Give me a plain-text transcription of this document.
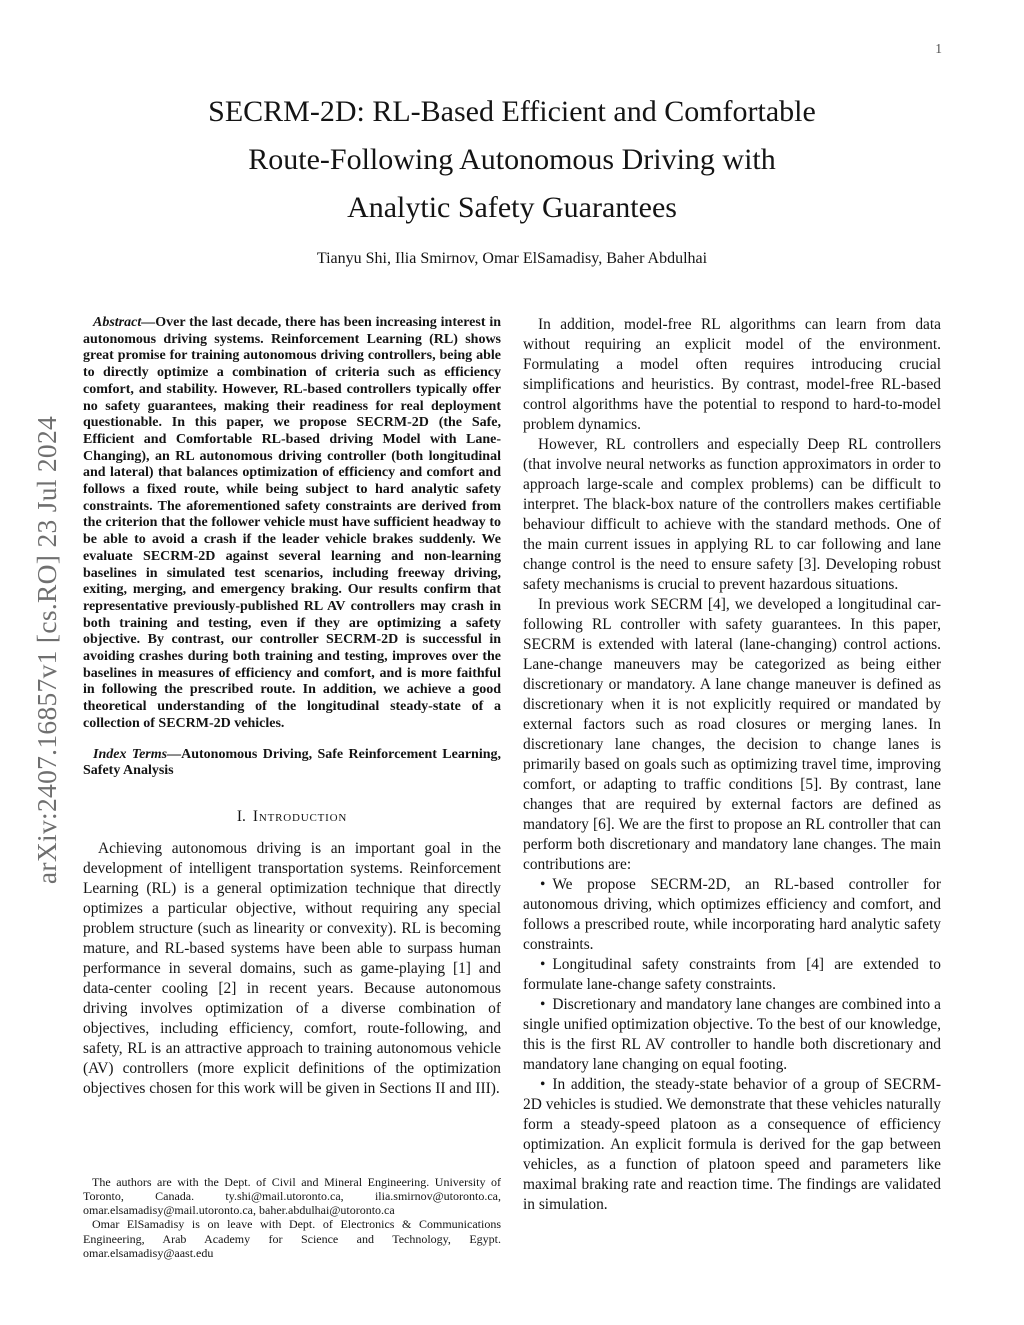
arXiv:2407.16857v1 [cs.RO] 23 Jul 2024
1
SECRM-2D: RL-Based Efficient and Comfortable
Route-Following Autonomous Driving with
Analytic Safety Guarantees
Tianyu Shi, Ilia Smirnov, Omar ElSamadisy, Baher Abdulhai

Abstract—Over the last decade, there has been increasing interest in autonomous driving systems. Reinforcement Learning (RL) shows great promise for training autonomous driving controllers, being able to directly optimize a combination of criteria such as efficiency comfort, and stability. However, RL-based controllers typically offer no safety guarantees, making their readiness for real deployment questionable. In this paper, we propose SECRM-2D (the Safe, Efficient and Comfortable RL-based driving Model with Lane-Changing), an RL autonomous driving controller (both longitudinal and lateral) that balances optimization of efficiency and comfort and follows a fixed route, while being subject to hard analytic safety constraints. The aforementioned safety constraints are derived from the criterion that the follower vehicle must have sufficient headway to be able to avoid a crash if the leader vehicle brakes suddenly. We evaluate SECRM-2D against several learning and non-learning baselines in simulated test scenarios, including freeway driving, exiting, merging, and emergency braking. Our results confirm that representative previously-published RL AV controllers may crash in both training and testing, even if they are optimizing a safety objective. By contrast, our controller SECRM-2D is successful in avoiding crashes during both training and testing, improves over the baselines in measures of efficiency and comfort, and is more faithful in following the prescribed route. In addition, we achieve a good theoretical understanding of the longitudinal steady-state of a collection of SECRM-2D vehicles.

Index Terms—Autonomous Driving, Safe Reinforcement Learning, Safety Analysis

I. Introduction

Achieving autonomous driving is an important goal in the development of intelligent transportation systems. Reinforcement Learning (RL) is a general optimization technique that directly optimizes a particular objective, without requiring any special problem structure (such as linearity or convexity). RL is becoming mature, and RL-based systems have been able to surpass human performance in several domains, such as game-playing [1] and data-center cooling [2] in recent years. Because autonomous driving involves optimization of a diverse combination of objectives, including efficiency, comfort, route-following, and safety, RL is an attractive approach to training autonomous vehicle (AV) controllers (more explicit definitions of the optimization objectives chosen for this work will be given in Sections II and III).

The authors are with the Dept. of Civil and Mineral Engineering. University of Toronto, Canada. ty.shi@mail.utoronto.ca, ilia.smirnov@utoronto.ca, omar.elsamadisy@mail.utoronto.ca, baher.abdulhai@utoronto.ca

Omar ElSamadisy is on leave with Dept. of Electronics & Communications Engineering, Arab Academy for Science and Technology, Egypt. omar.elsamadisy@aast.edu

In addition, model-free RL algorithms can learn from data without requiring an explicit model of the environment. Formulating a model often requires introducing crucial simplifications and heuristics. By contrast, model-free RL-based control algorithms have the potential to respond to hard-to-model problem dynamics.

However, RL controllers and especially Deep RL controllers (that involve neural networks as function approximators in order to approach large-scale and complex problems) can be difficult to interpret. The black-box nature of the controllers makes certifiable behaviour difficult to achieve with the standard methods. One of the main current issues in applying RL to car following and lane change control is the need to ensure safety [3]. Developing robust safety mechanisms is crucial to prevent hazardous situations.

In previous work SECRM [4], we developed a longitudinal car-following RL controller with safety guarantees. In this paper, SECRM is extended with lateral (lane-changing) control actions. Lane-change maneuvers may be categorized as being either discretionary or mandatory. A lane change maneuver is defined as discretionary when it is not explicitly required or mandated by external factors such as road closures or merging lanes. In discretionary lane changes, the decision to change lanes is primarily based on goals such as optimizing travel time, improving comfort, or adapting to traffic conditions [5]. By contrast, lane changes that are required by external factors are defined as mandatory [6]. We are the first to propose an RL controller that can perform both discretionary and mandatory lane changes. The main contributions are:

• We propose SECRM-2D, an RL-based controller for autonomous driving, which optimizes efficiency and comfort, and follows a prescribed route, while incorporating hard analytic safety constraints.

• Longitudinal safety constraints from [4] are extended to formulate lane-change safety constraints.

• Discretionary and mandatory lane changes are combined into a single unified optimization objective. To the best of our knowledge, this is the first RL AV controller to handle both discretionary and mandatory lane changing on equal footing.

• In addition, the steady-state behavior of a group of SECRM-2D vehicles is studied. We demonstrate that these vehicles naturally form a steady-speed platoon as a consequence of efficiency optimization. An explicit formula is derived for the gap between vehicles, as a function of platoon speed and parameters like maximal braking rate and reaction time. The findings are validated in simulation.
